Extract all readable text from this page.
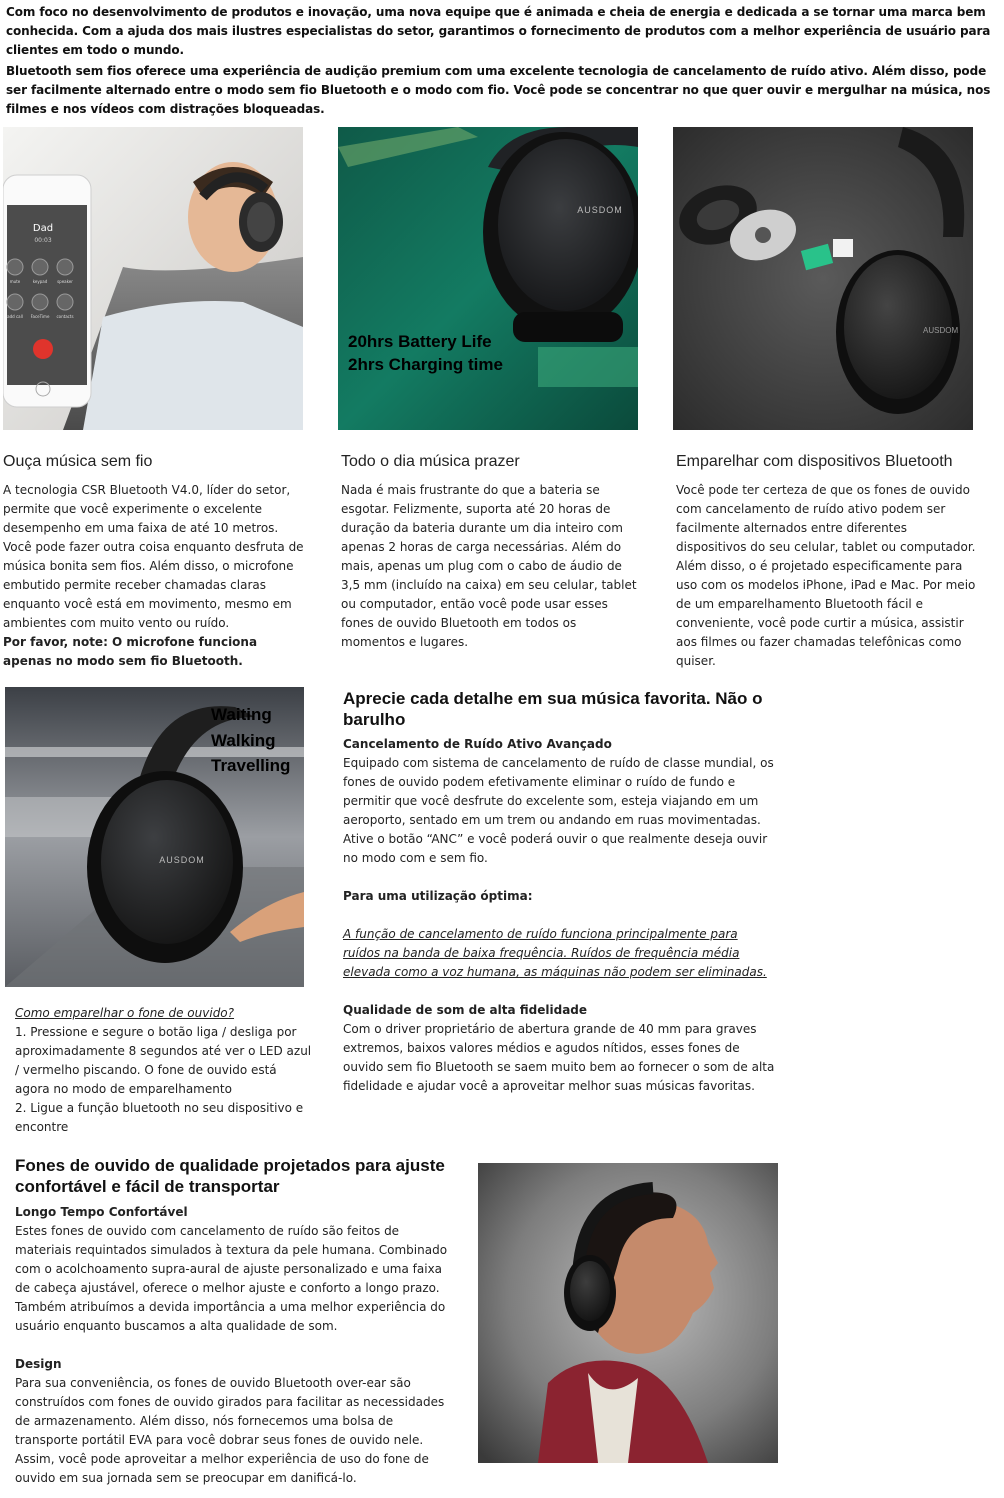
Com foco no desenvolvimento de produtos e inovação, uma nova equipe que é animada e cheia de energia e dedicada a se tornar uma marca bem conhecida. Com a ajuda dos mais ilustres especialistas do setor, garantimos o fornecimento de produtos com a melhor experiência de usuário para clientes em todo o mundo.
Bluetooth sem fios oferece uma experiência de audição premium com uma excelente tecnologia de cancelamento de ruído ativo. Além disso, pode ser facilmente alternado entre o modo sem fio Bluetooth e o modo com fio. Você pode se concentrar no que quer ouvir e mergulhar na música, nos filmes e nos vídeos com distrações bloqueadas.
Dad
00:03
mute	keypad speaker
add call FaceTime contacts
AUSDOM
20hrs Battery Life
2hrs Charging time
AUSDOM
Ouça música sem fio
A tecnologia CSR Bluetooth V4.0, líder do setor, permite que você experimente o excelente desempenho em uma faixa de até 10 metros. Você pode fazer outra coisa enquanto desfruta de música bonita sem fios. Além disso, o microfone embutido permite receber chamadas claras enquanto você está em movimento, mesmo em ambientes com muito vento ou ruído.
Por favor, note: O microfone funciona apenas no modo sem fio Bluetooth.
Todo o dia música prazer
Nada é mais frustrante do que a bateria se esgotar. Felizmente, suporta até 20 horas de duração da bateria durante um dia inteiro com apenas 2 horas de carga necessárias. Além do mais, apenas um plug com o cabo de áudio de 3,5 mm (incluído na caixa) em seu celular, tablet ou computador, então você pode usar esses fones de ouvido Bluetooth em todos os momentos e lugares.
Emparelhar com dispositivos Bluetooth
Você pode ter certeza de que os fones de ouvido com cancelamento de ruído ativo podem ser facilmente alternados entre diferentes dispositivos do seu celular, tablet ou computador. Além disso, o é projetado especificamente para uso com os modelos iPhone, iPad e Mac. Por meio de um emparelhamento Bluetooth fácil e conveniente, você pode curtir a música, assistir aos filmes ou fazer chamadas telefônicas como quiser.
AUSDOM
Waiting
Walking
Travelling
Como emparelhar o fone de ouvido?
1. Pressione e segure o botão liga / desliga por aproximadamente 8 segundos até ver o LED azul / vermelho piscando. O fone de ouvido está agora no modo de emparelhamento
2. Ligue a função bluetooth no seu dispositivo e encontre
Aprecie cada detalhe em sua música favorita. Não o barulho
Cancelamento de Ruído Ativo Avançado
Equipado com sistema de cancelamento de ruído de classe mundial, os fones de ouvido podem efetivamente eliminar o ruído de fundo e permitir que você desfrute do excelente som, esteja viajando em um aeroporto, sentado em um trem ou andando em ruas movimentadas. Ative o botão “ANC” e você poderá ouvir o que realmente deseja ouvir no modo com e sem fio.
Para uma utilização óptima:
A função de cancelamento de ruído funciona principalmente para ruídos na banda de baixa frequência. Ruídos de frequência média elevada como a voz humana, as máquinas não podem ser eliminadas.
Qualidade de som de alta fidelidade
Com o driver proprietário de abertura grande de 40 mm para graves extremos, baixos valores médios e agudos nítidos, esses fones de ouvido sem fio Bluetooth se saem muito bem ao fornecer o som de alta fidelidade e ajudar você a aproveitar melhor suas músicas favoritas.
Fones de ouvido de qualidade projetados para ajuste confortável e fácil de transportar
Longo Tempo Confortável
Estes fones de ouvido com cancelamento de ruído são feitos de materiais requintados simulados à textura da pele humana. Combinado com o acolchoamento supra-aural de ajuste personalizado e uma faixa de cabeça ajustável, oferece o melhor ajuste e conforto a longo prazo. Também atribuímos a devida importância a uma melhor experiência do usuário enquanto buscamos a alta qualidade de som.
Design
Para sua conveniência, os fones de ouvido Bluetooth over-ear são construídos com fones de ouvido girados para facilitar as necessidades de armazenamento. Além disso, nós fornecemos uma bolsa de transporte portátil EVA para você dobrar seus fones de ouvido nele. Assim, você pode aproveitar a melhor experiência de uso do fone de ouvido em sua jornada sem se preocupar em danificá-lo.
